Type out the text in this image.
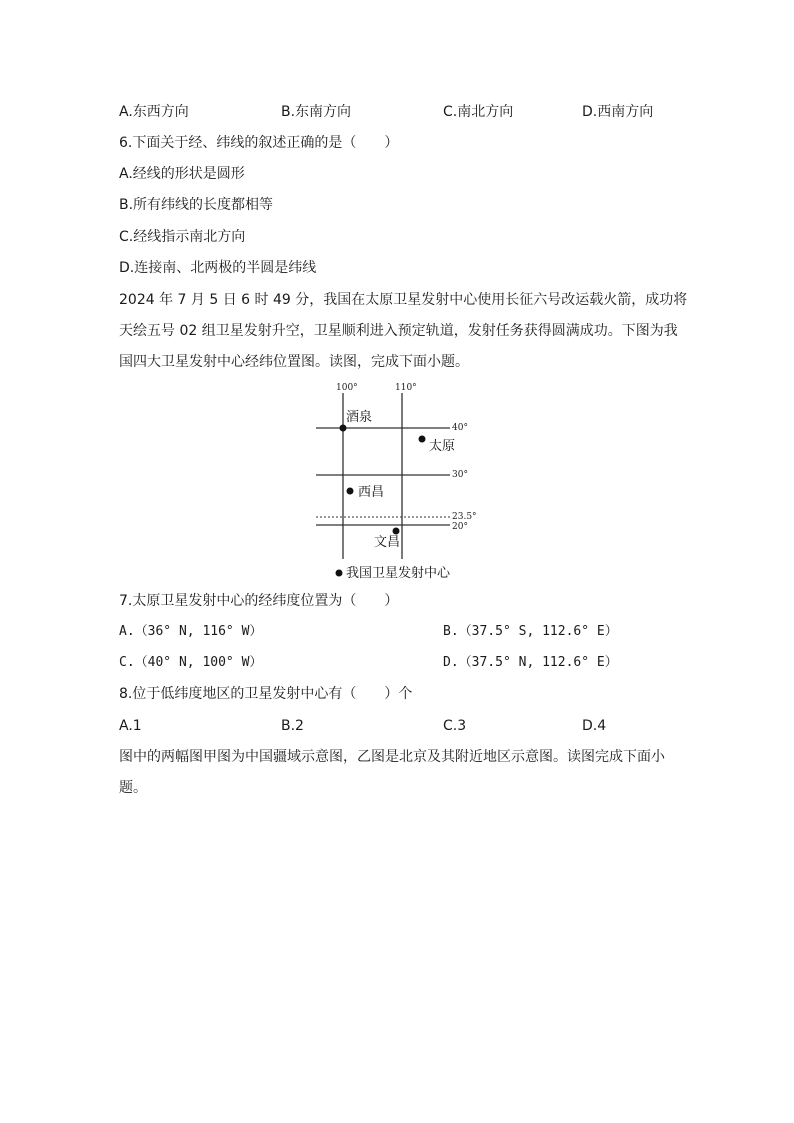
A.东西方向	B.东南方向	C.南北方向	D.西南方向
6.下面关于经、纬线的叙述正确的是（　　）
A.经线的形状是圆形
B.所有纬线的长度都相等
C.经线指示南北方向
D.连接南、北两极的半圆是纬线
2024 年 7 月 5 日 6 时 49 分，我国在太原卫星发射中心使用长征六号改运载火箭，成功将
天绘五号 02 组卫星发射升空，卫星顺利进入预定轨道，发射任务获得圆满成功。下图为我
国四大卫星发射中心经纬位置图。读图，完成下面小题。
100°	110°
40°
30°
23.5°
20°
酒泉
太原
西昌
文昌
我国卫星发射中心
7.太原卫星发射中心的经纬度位置为（　　）
A.（36° N, 116° W）	B.（37.5° S, 112.6° E）
C.（40° N, 100° W）	D.（37.5° N, 112.6° E）
8.位于低纬度地区的卫星发射中心有（　　）个
A.1	B.2	C.3	D.4
图中的两幅图甲图为中国疆域示意图，乙图是北京及其附近地区示意图。读图完成下面小
题。
